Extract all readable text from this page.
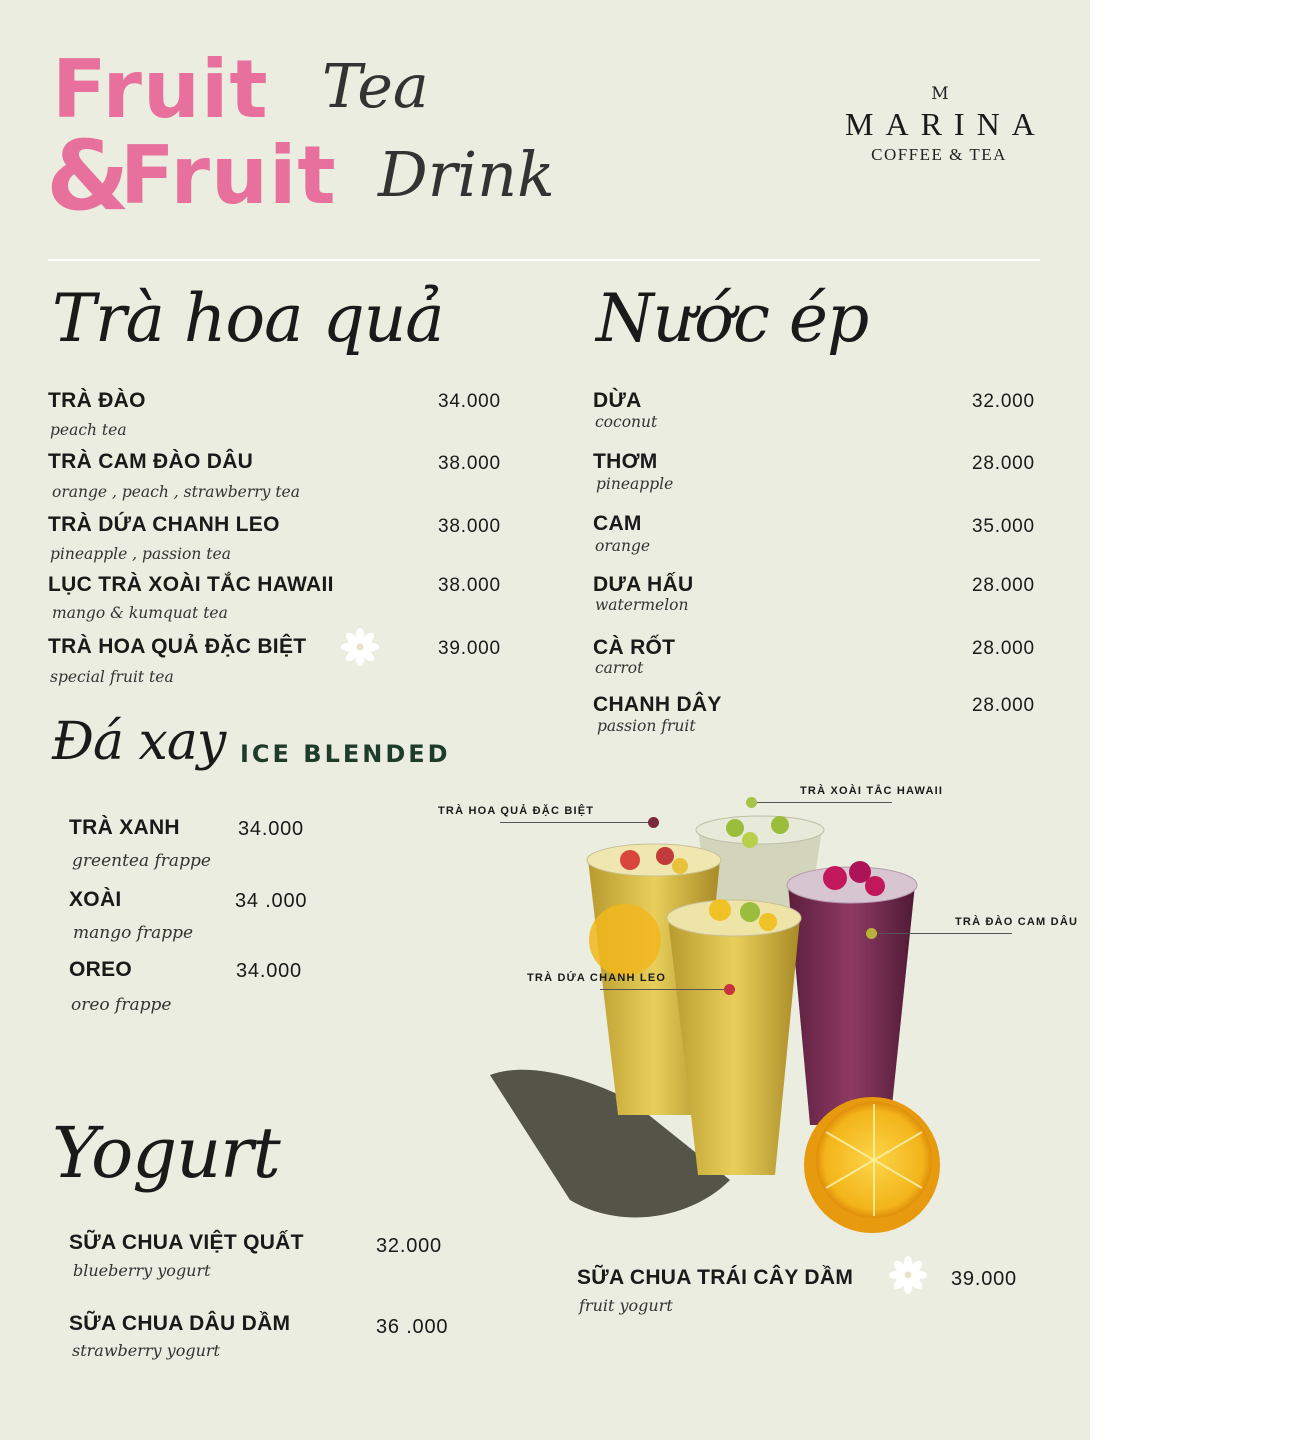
Fruit Tea
&
Fruit Drink
M
MARINA
COFFEE & TEA
Trà hoa quả
TRÀ ĐÀO
peach tea
34.000
TRÀ CAM ĐÀO DÂU
orange , peach , strawberry tea
38.000
TRÀ DỨA CHANH LEO
pineapple , passion tea
38.000
LỤC TRÀ XOÀI TẮC HAWAII
mango & kumquat tea
38.000
TRÀ HOA QUẢ ĐẶC BIỆT
special fruit tea
39.000
Nước ép
DỪA
coconut
32.000
THƠM
pineapple
28.000
CAM
orange
35.000
DƯA HẤU
watermelon
28.000
CÀ RỐT
carrot
28.000
CHANH DÂY
passion fruit
28.000
Đá xay ICE BLENDED
TRÀ XANH
greentea frappe
34.000
XOÀI
mango frappe
34 .000
OREO
oreo frappe
34.000
Yogurt
SỮA CHUA VIỆT QUẤT
blueberry yogurt
32.000
SỮA CHUA DÂU DẦM
strawberry yogurt
36 .000
SỮA CHUA TRÁI CÂY DẦM
fruit yogurt
39.000
TRÀ HOA QUẢ ĐẶC BIỆT
TRÀ XOÀI TẮC HAWAII
TRÀ ĐÀO CAM DÂU
TRÀ DỨA CHANH LEO
